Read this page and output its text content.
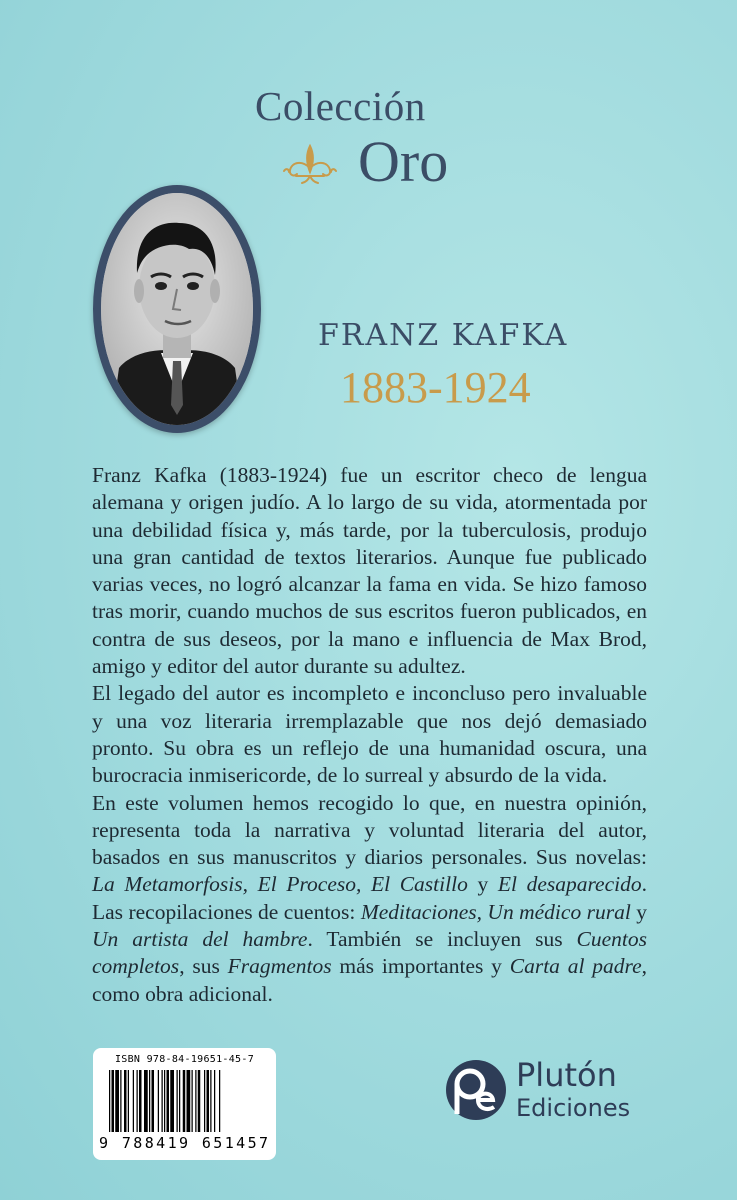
Colección
Oro
FRANZ KAFKA
1883-1924

Franz Kafka (1883-1924) fue un escritor checo de lengua alemana y origen judío. A lo largo de su vida, atormentada por una debilidad física y, más tarde, por la tuberculosis, produjo una gran cantidad de textos literarios. Aunque fue publicado varias veces, no logró alcanzar la fama en vida. Se hizo famoso tras morir, cuando muchos de sus escritos fueron publicados, en contra de sus deseos, por la mano e influencia de Max Brod, amigo y editor del autor durante su adultez.

El legado del autor es incompleto e inconcluso pero invaluable y una voz literaria irremplazable que nos dejó demasiado pronto. Su obra es un reflejo de una humanidad oscura, una burocracia inmisericorde, de lo surreal y absurdo de la vida.

En este volumen hemos recogido lo que, en nuestra opinión, representa toda la narrativa y voluntad literaria del autor, basados en sus manuscritos y diarios personales. Sus novelas: La Metamorfosis, El Proceso, El Castillo y El desaparecido. Las recopilaciones de cuentos: Meditaciones, Un médico rural y Un artista del hambre. También se incluyen sus Cuentos completos, sus Fragmentos más importantes y Carta al padre, como obra adicional.

ISBN 978-84-19651-45-7
9 788419 651457
Plutón
Ediciones
